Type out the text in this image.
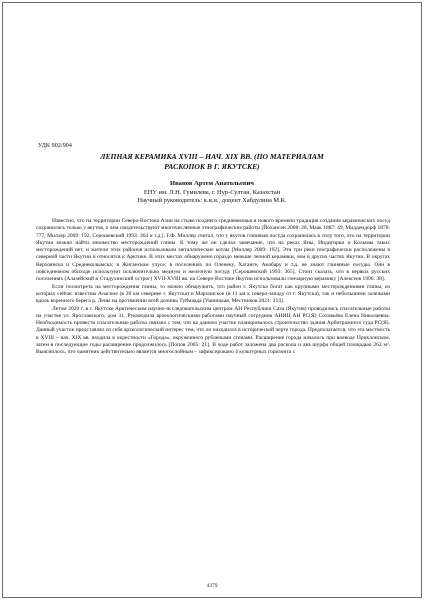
УДК 902/904
ЛЕПНАЯ КЕРАМИКА XVIII – НАЧ. XIX ВВ. (ПО МАТЕРИАЛАМ
РАСКОПОК В Г. ЯКУТСКЕ)
Иванов Артем Анатольевич
ЕНУ им. Л.Н. Гумилева, г. Нур-Султан, Казахстан
Научный руководитель: к.и.н., доцент Хабдулина М.К.

Известно, что на территории Северо-Востока Азии на стыке позднего средневековья и нового времени традиция создания керамических посуд сохранилась только у якутов, о чем свидетельствуют многочисленные этнографические работы [Йохансен 2008: 28, Маак 1887: 49, Миддендорф 1878: 777, Миллер 2009: 192, Серошевский 1993: 364 и т.д.]. Г.Ф. Миллер считал, что у якутов глиняная посуда сохранилась в силу того, что на территории Якутии можно найти множество месторождений глины. К тому же он сделал замечание, что на реках Яны, Индигирки и Колымы таких месторождений нет, и жители этих районов использовали металлические котлы [Миллер 2009: 192]. Эти три реки географически расположены в северной части Якутии и относятся к Арктике. В этих местах обнаружено гораздо меньше лепной керамики, чем в других частях Якутии. В округах Верхоянска и Среднеколымска; в Жиганском улусе; в поселениях по Оленеку, Хатанге, Анабару и т.д. не знают глиняные посуды. Они в повседневном обиходе используют исключительно медную и железную посуду [Серошевский 1993: 365]. Стоит сказать, что в первых русских поселениях (Алазейский и Стадухинский острог) XVII-XVIII вв. на Северо-Востоке Якутии использовали гончарную керамику [Алексеев 1996: 38].

Если посмотреть на месторождения глины, то можно обнаружить, что район г. Якутска богат как крупными месторождениями глины, из которых сейчас известны Аласное (в 28 км севернее г. Якутска) и Мархинское (в 11 км к северо-западу от г. Якутска), так и небольшими залежами вдоль коренного берега р. Лены на протяжении всей долины Туймаада [Ушницкая, Местников 2021: 214].

Летом 2020 г. в г. Якутске Арктическим научно-исследовательским центром АН Республики Саха (Якутия) проводились спасательные работы на участке ул. Ярославского, дом 31. Руководила археологическими работами научный сотрудник АНИЦ АН РС(Я) Соловьёва Елена Николаевна. Необходимость провести спасательные работы связано с тем, что на данном участке планировалось строительство здания Арбитражного суда РС(Я). Данный участок представлял из себя археологический интерес тем, что он находился в исторической черте города. Предполагается, что эта местность в XVIII – нач. XIX вв. входила в окрестности «Города», окруженного рублеными стенами. Расширение города началось при воеводе Приклонском, затем в последующие годы расширение продолжилось [Попов 2005: 21]. В ходе работ заложена два раскопа и два шурфа общей площадью 262 м². Выяснилось, что памятник действительно является многослойным – зафиксировано 4 культурных горизонта с

4379
